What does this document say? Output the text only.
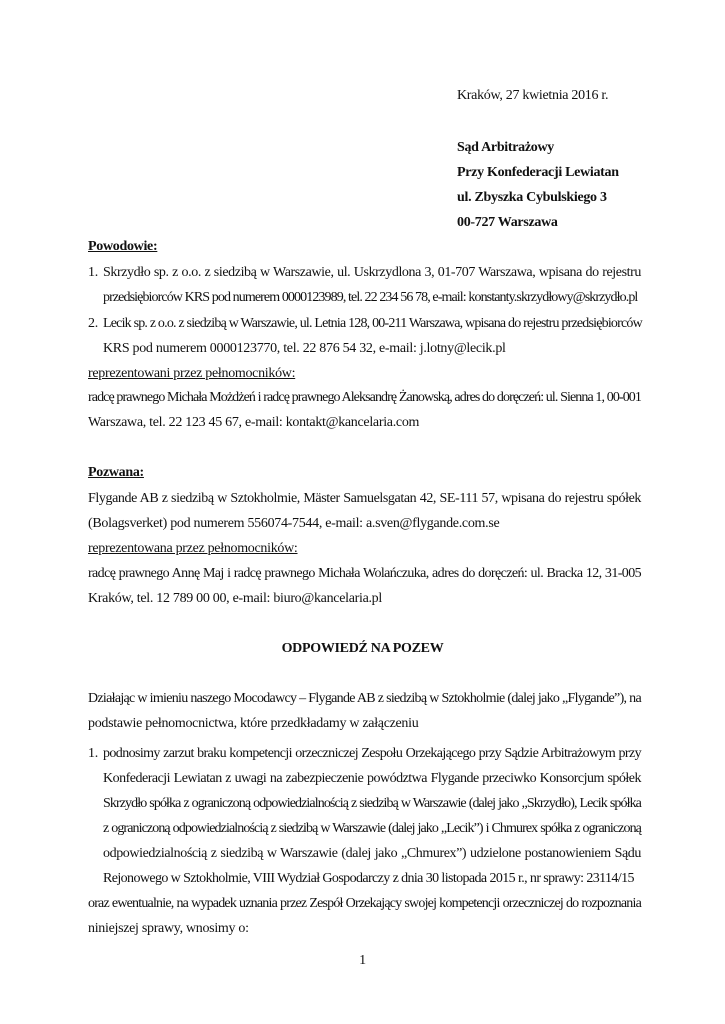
Kraków, 27 kwietnia 2016 r.
Sąd Arbitrażowy
Przy Konfederacji Lewiatan
ul. Zbyszka Cybulskiego 3
00-727 Warszawa
Powodowie:
1. Skrzydło sp. z o.o. z siedzibą w Warszawie, ul. Uskrzydlona 3, 01-707 Warszawa, wpisana do rejestru
przedsiębiorców KRS pod numerem 0000123989, tel. 22 234 56 78, e-mail: konstanty.skrzydłowy@skrzydło.pl
2. Lecik sp. z o.o. z siedzibą w Warszawie, ul. Letnia 128, 00-211 Warszawa, wpisana do rejestru przedsiębiorców
KRS pod numerem 0000123770, tel. 22 876 54 32, e-mail: j.lotny@lecik.pl
reprezentowani przez pełnomocników:
radcę prawnego Michała Możdżeń i radcę prawnego Aleksandrę Żanowską, adres do doręczeń: ul. Sienna 1, 00-001
Warszawa, tel. 22 123 45 67, e-mail: kontakt@kancelaria.com
Pozwana:
Flygande AB z siedzibą w Sztokholmie, Mäster Samuelsgatan 42, SE-111 57, wpisana do rejestru spółek
(Bolagsverket) pod numerem 556074-7544, e-mail: a.sven@flygande.com.se
reprezentowana przez pełnomocników:
radcę prawnego Annę Maj i radcę prawnego Michała Wolańczuka, adres do doręczeń: ul. Bracka 12, 31-005
Kraków, tel. 12 789 00 00, e-mail: biuro@kancelaria.pl
ODPOWIEDŹ NA POZEW
Działając w imieniu naszego Mocodawcy – Flygande AB z siedzibą w Sztokholmie (dalej jako „Flygande”), na
podstawie pełnomocnictwa, które przedkładamy w załączeniu
1. podnosimy zarzut braku kompetencji orzeczniczej Zespołu Orzekającego przy Sądzie Arbitrażowym przy
Konfederacji Lewiatan z uwagi na zabezpieczenie powództwa Flygande przeciwko Konsorcjum spółek
Skrzydło spółka z ograniczoną odpowiedzialnością z siedzibą w Warszawie (dalej jako „Skrzydło), Lecik spółka
z ograniczoną odpowiedzialnością z siedzibą w Warszawie (dalej jako „Lecik”) i Chmurex spółka z ograniczoną
odpowiedzialnością z siedzibą w Warszawie (dalej jako „Chmurex”) udzielone postanowieniem Sądu
Rejonowego w Sztokholmie, VIII Wydział Gospodarczy z dnia 30 listopada 2015 r., nr sprawy: 23114/15
oraz ewentualnie, na wypadek uznania przez Zespół Orzekający swojej kompetencji orzeczniczej do rozpoznania
niniejszej sprawy, wnosimy o:
1
